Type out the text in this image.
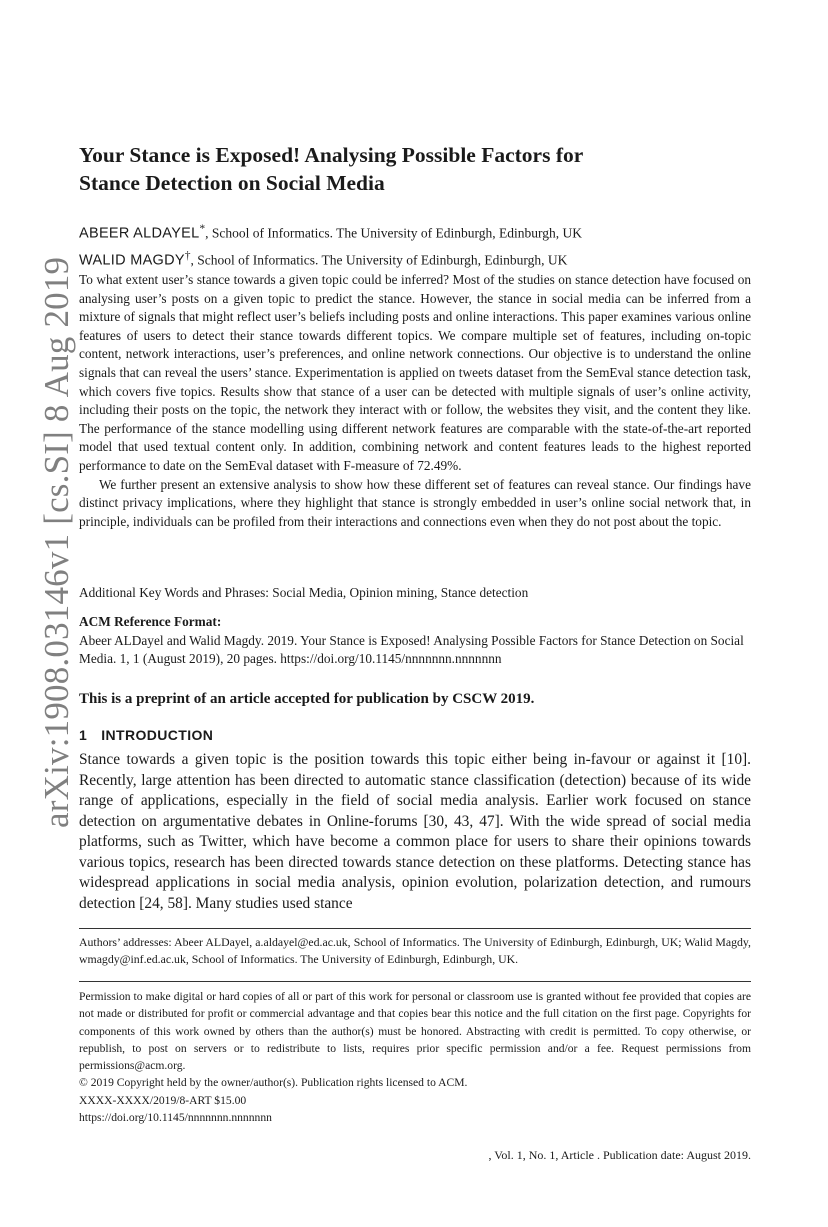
arXiv:1908.03146v1 [cs.SI] 8 Aug 2019
Your Stance is Exposed! Analysing Possible Factors for
Stance Detection on Social Media
ABEER ALDAYEL*, School of Informatics. The University of Edinburgh, Edinburgh, UK
WALID MAGDY†, School of Informatics. The University of Edinburgh, Edinburgh, UK

To what extent user’s stance towards a given topic could be inferred? Most of the studies on stance detection have focused on analysing user’s posts on a given topic to predict the stance. However, the stance in social media can be inferred from a mixture of signals that might reflect user’s beliefs including posts and online interactions. This paper examines various online features of users to detect their stance towards different topics. We compare multiple set of features, including on-topic content, network interactions, user’s preferences, and online network connections. Our objective is to understand the online signals that can reveal the users’ stance. Experimentation is applied on tweets dataset from the SemEval stance detection task, which covers five topics. Results show that stance of a user can be detected with multiple signals of user’s online activity, including their posts on the topic, the network they interact with or follow, the websites they visit, and the content they like. The performance of the stance modelling using different network features are comparable with the state-of-the-art reported model that used textual content only. In addition, combining network and content features leads to the highest reported performance to date on the SemEval dataset with F-measure of 72.49%.

We further present an extensive analysis to show how these different set of features can reveal stance. Our findings have distinct privacy implications, where they highlight that stance is strongly embedded in user’s online social network that, in principle, individuals can be profiled from their interactions and connections even when they do not post about the topic.

Additional Key Words and Phrases: Social Media, Opinion mining, Stance detection
ACM Reference Format:
Abeer ALDayel and Walid Magdy. 2019. Your Stance is Exposed! Analysing Possible Factors for Stance Detection on Social Media. 1, 1 (August 2019), 20 pages. https://doi.org/10.1145/nnnnnnn.nnnnnnn
This is a preprint of an article accepted for publication by CSCW 2019.
1 INTRODUCTION
Stance towards a given topic is the position towards this topic either being in-favour or against it [10]. Recently, large attention has been directed to automatic stance classification (detection) because of its wide range of applications, especially in the field of social media analysis. Earlier work focused on stance detection on argumentative debates in Online-forums [30, 43, 47]. With the wide spread of social media platforms, such as Twitter, which have become a common place for users to share their opinions towards various topics, research has been directed towards stance detection on these platforms. Detecting stance has widespread applications in social media analysis, opinion evolution, polarization detection, and rumours detection [24, 58]. Many studies used stance
Authors’ addresses: Abeer ALDayel, a.aldayel@ed.ac.uk, School of Informatics. The University of Edinburgh, Edinburgh, UK; Walid Magdy, wmagdy@inf.ed.ac.uk, School of Informatics. The University of Edinburgh, Edinburgh, UK.

Permission to make digital or hard copies of all or part of this work for personal or classroom use is granted without fee provided that copies are not made or distributed for profit or commercial advantage and that copies bear this notice and the full citation on the first page. Copyrights for components of this work owned by others than the author(s) must be honored. Abstracting with credit is permitted. To copy otherwise, or republish, to post on servers or to redistribute to lists, requires prior specific permission and/or a fee. Request permissions from permissions@acm.org.

© 2019 Copyright held by the owner/author(s). Publication rights licensed to ACM.

XXXX-XXXX/2019/8-ART $15.00

https://doi.org/10.1145/nnnnnnn.nnnnnnn

, Vol. 1, No. 1, Article . Publication date: August 2019.
